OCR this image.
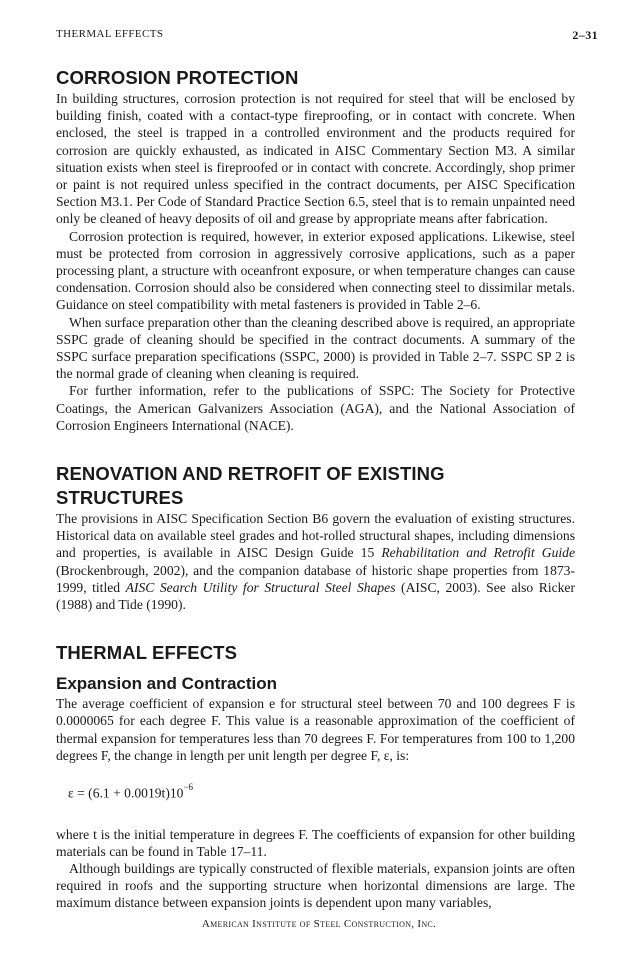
THERMAL EFFECTS	2–31
CORROSION PROTECTION

In building structures, corrosion protection is not required for steel that will be enclosed by building finish, coated with a contact-type fireproofing, or in contact with concrete. When enclosed, the steel is trapped in a controlled environment and the products required for corrosion are quickly exhausted, as indicated in AISC Commentary Section M3. A similar situation exists when steel is fireproofed or in contact with concrete. Accordingly, shop primer or paint is not required unless specified in the contract documents, per AISC Specification Section M3.1. Per Code of Standard Practice Section 6.5, steel that is to remain unpainted need only be cleaned of heavy deposits of oil and grease by appropriate means after fabrication.

Corrosion protection is required, however, in exterior exposed applications. Likewise, steel must be protected from corrosion in aggressively corrosive applications, such as a paper processing plant, a structure with oceanfront exposure, or when temperature changes can cause condensation. Corrosion should also be considered when connecting steel to dissimilar metals. Guidance on steel compatibility with metal fasteners is provided in Table 2–6.

When surface preparation other than the cleaning described above is required, an appropriate SSPC grade of cleaning should be specified in the contract documents. A summary of the SSPC surface preparation specifications (SSPC, 2000) is provided in Table 2–7. SSPC SP 2 is the normal grade of cleaning when cleaning is required.

For further information, refer to the publications of SSPC: The Society for Protective Coatings, the American Galvanizers Association (AGA), and the National Association of Corrosion Engineers International (NACE).

RENOVATION AND RETROFIT OF EXISTING STRUCTURES

The provisions in AISC Specification Section B6 govern the evaluation of existing structures. Historical data on available steel grades and hot-rolled structural shapes, including dimensions and properties, is available in AISC Design Guide 15 Rehabilitation and Retrofit Guide (Brockenbrough, 2002), and the companion database of historic shape properties from 1873-1999, titled AISC Search Utility for Structural Steel Shapes (AISC, 2003). See also Ricker (1988) and Tide (1990).

THERMAL EFFECTS
Expansion and Contraction

The average coefficient of expansion e for structural steel between 70 and 100 degrees F is 0.0000065 for each degree F. This value is a reasonable approximation of the coefficient of thermal expansion for temperatures less than 70 degrees F. For temperatures from 100 to 1,200 degrees F, the change in length per unit length per degree F, ε, is:

$\varepsilon = (6.1 + 0.0019t)10^{-6}$

where t is the initial temperature in degrees F. The coefficients of expansion for other building materials can be found in Table 17–11.

Although buildings are typically constructed of flexible materials, expansion joints are often required in roofs and the supporting structure when horizontal dimensions are large. The maximum distance between expansion joints is dependent upon many variables,

American Institute of Steel Construction, Inc.
